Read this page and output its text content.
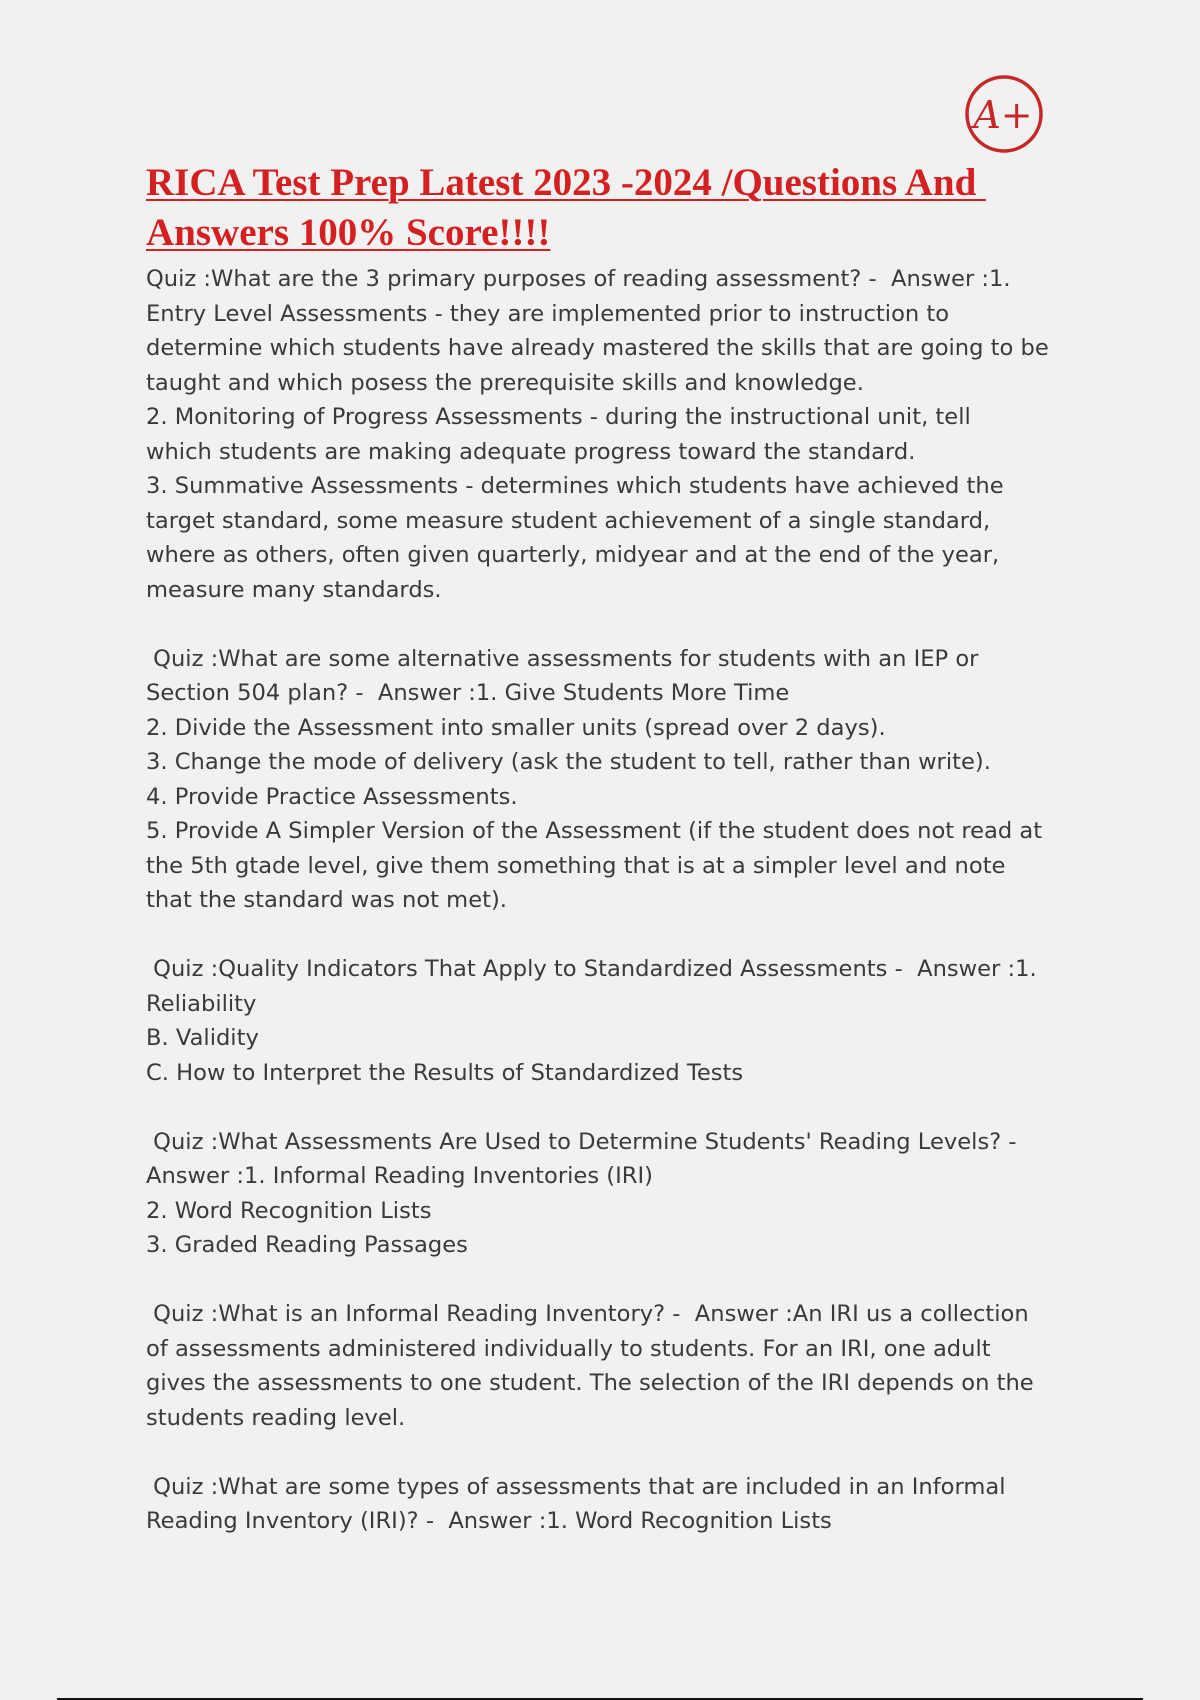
A+
RICA Test Prep Latest 2023 -2024 /Questions And
Answers 100% Score!!!!
Quiz :What are the 3 primary purposes of reading assessment? -  Answer :1.
Entry Level Assessments - they are implemented prior to instruction to
determine which students have already mastered the skills that are going to be
taught and which posess the prerequisite skills and knowledge.
2. Monitoring of Progress Assessments - during the instructional unit, tell
which students are making adequate progress toward the standard.
3. Summative Assessments - determines which students have achieved the
target standard, some measure student achievement of a single standard,
where as others, often given quarterly, midyear and at the end of the year,
measure many standards.
Quiz :What are some alternative assessments for students with an IEP or
Section 504 plan? -  Answer :1. Give Students More Time
2. Divide the Assessment into smaller units (spread over 2 days).
3. Change the mode of delivery (ask the student to tell, rather than write).
4. Provide Practice Assessments.
5. Provide A Simpler Version of the Assessment (if the student does not read at
the 5th gtade level, give them something that is at a simpler level and note
that the standard was not met).
Quiz :Quality Indicators That Apply to Standardized Assessments -  Answer :1.
Reliability
B. Validity
C. How to Interpret the Results of Standardized Tests
Quiz :What Assessments Are Used to Determine Students' Reading Levels? -
Answer :1. Informal Reading Inventories (IRI)
2. Word Recognition Lists
3. Graded Reading Passages
Quiz :What is an Informal Reading Inventory? -  Answer :An IRI us a collection
of assessments administered individually to students. For an IRI, one adult
gives the assessments to one student. The selection of the IRI depends on the
students reading level.
Quiz :What are some types of assessments that are included in an Informal
Reading Inventory (IRI)? -  Answer :1. Word Recognition Lists
